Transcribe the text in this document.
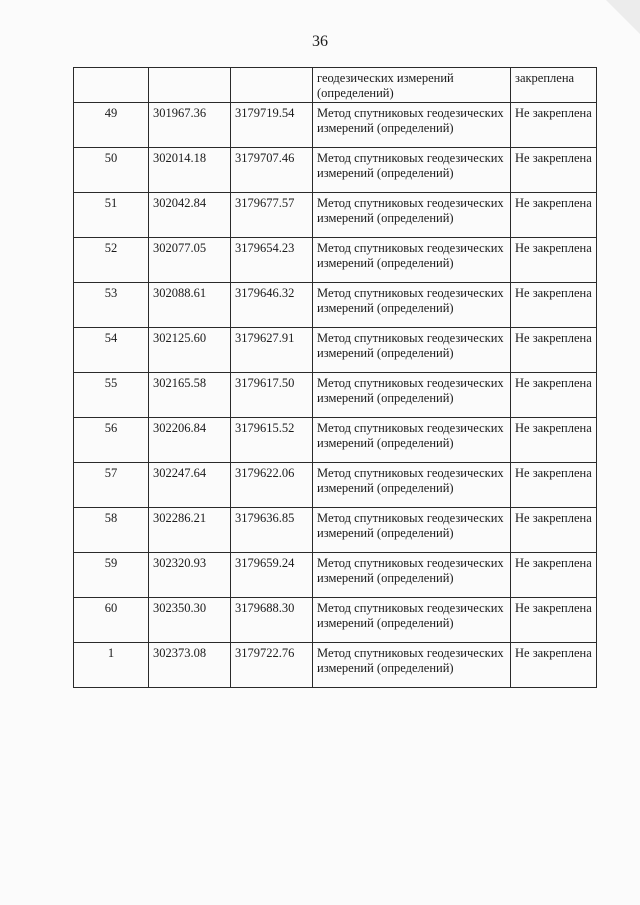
36
			геодезических измерений (определений)	закреплена
49	301967.36	3179719.54	Метод спутниковых геодезических измерений (определений)	Не закреплена
50	302014.18	3179707.46	Метод спутниковых геодезических измерений (определений)	Не закреплена
51	302042.84	3179677.57	Метод спутниковых геодезических измерений (определений)	Не закреплена
52	302077.05	3179654.23	Метод спутниковых геодезических измерений (определений)	Не закреплена
53	302088.61	3179646.32	Метод спутниковых геодезических измерений (определений)	Не закреплена
54	302125.60	3179627.91	Метод спутниковых геодезических измерений (определений)	Не закреплена
55	302165.58	3179617.50	Метод спутниковых геодезических измерений (определений)	Не закреплена
56	302206.84	3179615.52	Метод спутниковых геодезических измерений (определений)	Не закреплена
57	302247.64	3179622.06	Метод спутниковых геодезических измерений (определений)	Не закреплена
58	302286.21	3179636.85	Метод спутниковых геодезических измерений (определений)	Не закреплена
59	302320.93	3179659.24	Метод спутниковых геодезических измерений (определений)	Не закреплена
60	302350.30	3179688.30	Метод спутниковых геодезических измерений (определений)	Не закреплена
1	302373.08	3179722.76	Метод спутниковых геодезических измерений (определений)	Не закреплена
